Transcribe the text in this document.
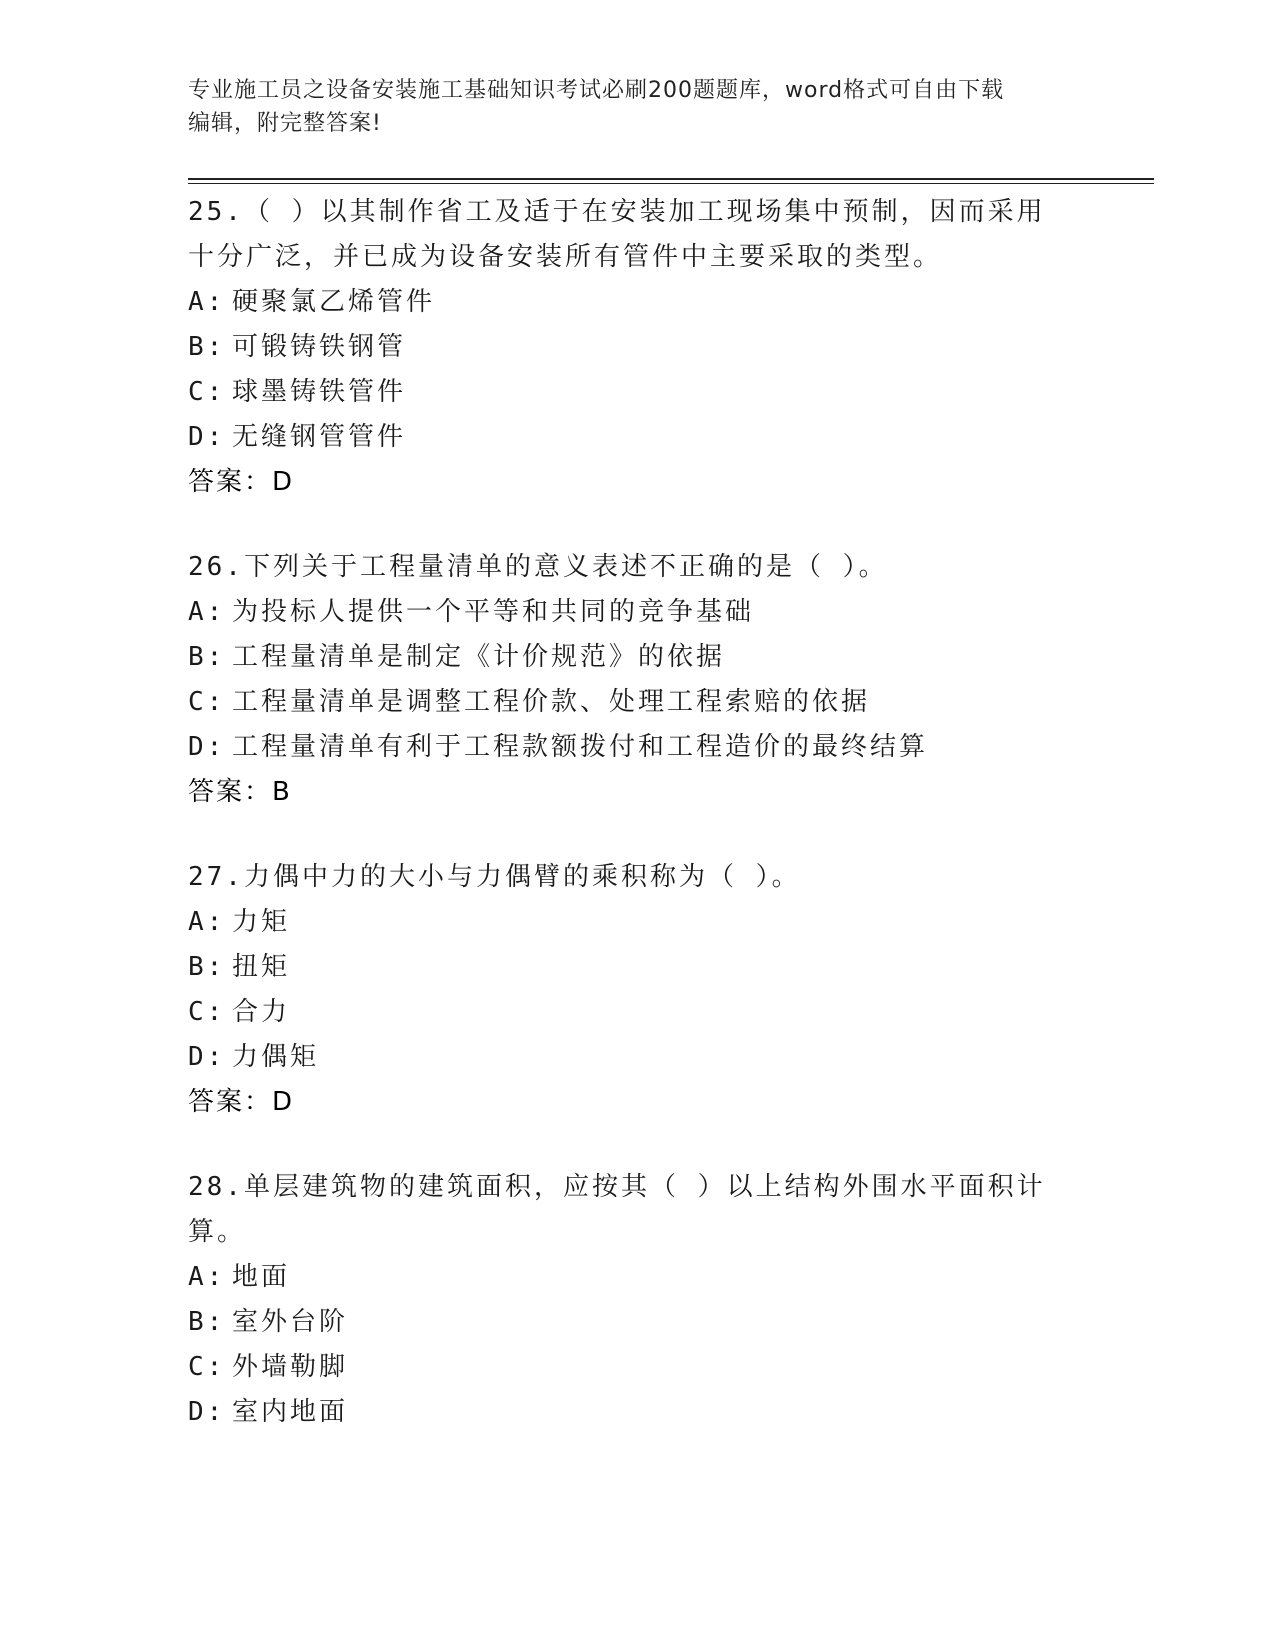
专业施工员之设备安装施工基础知识考试必刷200题题库，word格式可自由下载
编辑，附完整答案!

25.（ ）以其制作省工及适于在安装加工现场集中预制，因而采用十分广泛，并已成为设备安装所有管件中主要采取的类型。

A: 硬聚氯乙烯管件
B: 可锻铸铁钢管
C: 球墨铸铁管件
D: 无缝钢管管件
答案：D

26.下列关于工程量清单的意义表述不正确的是（ ）。

A: 为投标人提供一个平等和共同的竞争基础
B: 工程量清单是制定《计价规范》的依据
C: 工程量清单是调整工程价款、处理工程索赔的依据
D: 工程量清单有利于工程款额拨付和工程造价的最终结算
答案：B

27.力偶中力的大小与力偶臂的乘积称为（ ）。

A: 力矩
B: 扭矩
C: 合力
D: 力偶矩
答案：D

28.单层建筑物的建筑面积，应按其（ ）以上结构外围水平面积计算。

A: 地面
B: 室外台阶
C: 外墙勒脚
D: 室内地面
